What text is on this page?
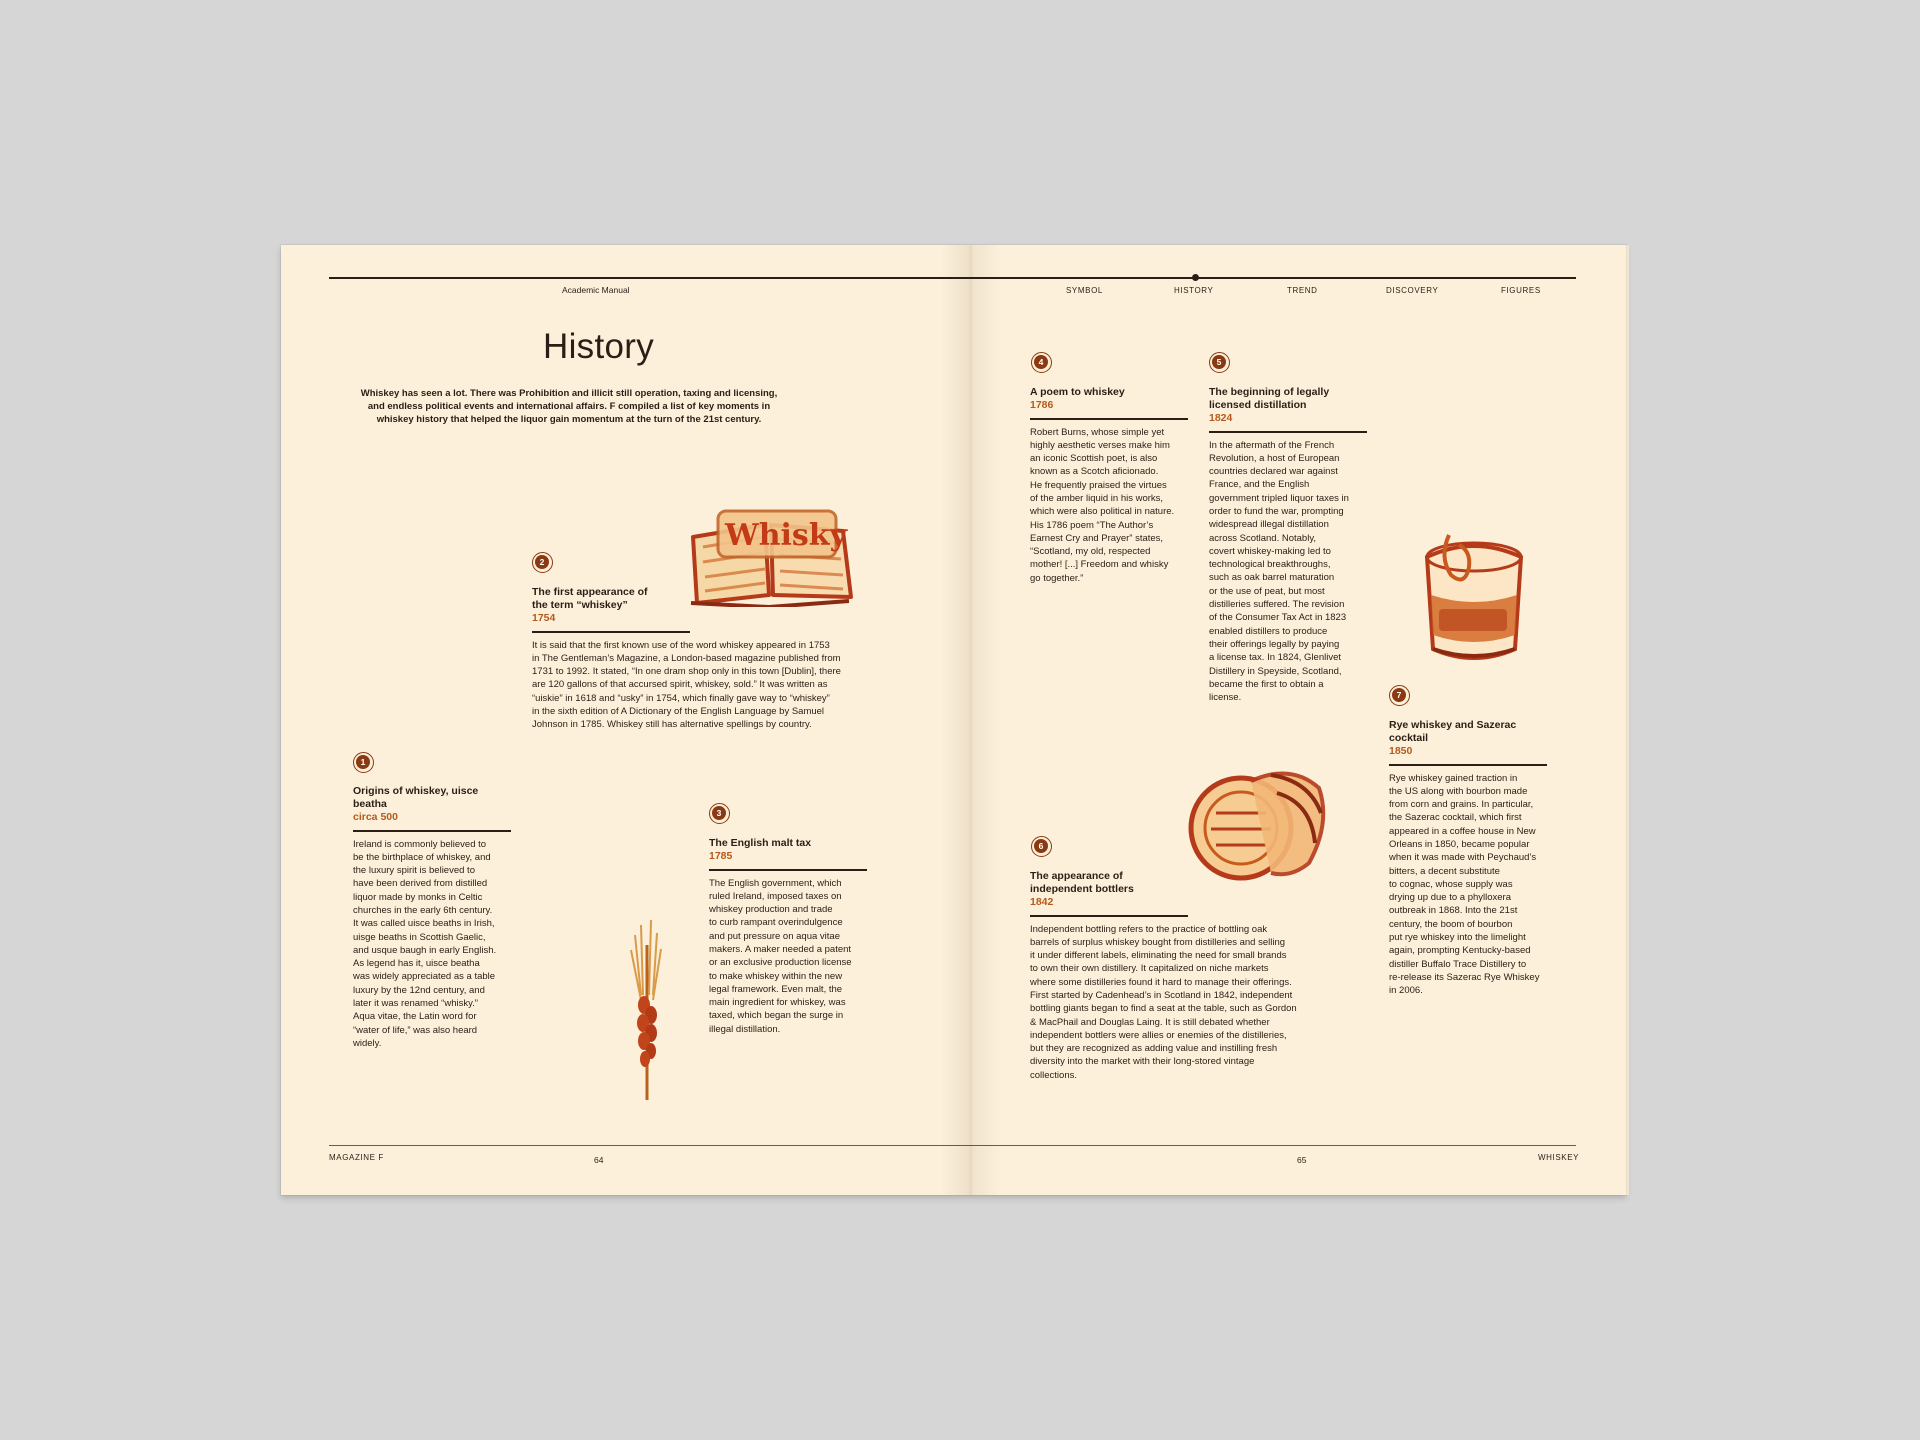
Academic Manual	SYMBOL	HISTORY	TREND	DISCOVERY	FIGURES
History
Whiskey has seen a lot. There was Prohibition and illicit still operation, taxing and licensing,
and endless political events and international affairs. F compiled a list of key moments in
whiskey history that helped the liquor gain momentum at the turn of the 21st century.
1
Origins of whiskey, uisce
beatha
circa 500
Ireland is commonly believed to
be the birthplace of whiskey, and
the luxury spirit is believed to
have been derived from distilled
liquor made by monks in Celtic
churches in the early 6th century.
It was called uisce beaths in Irish,
uisge beaths in Scottish Gaelic,
and usque baugh in early English.
As legend has it, uisce beatha
was widely appreciated as a table
luxury by the 12nd century, and
later it was renamed “whisky.”
Aqua vitae, the Latin word for
“water of life,” was also heard
widely.
2
The first appearance of
the term “whiskey”
1754
It is said that the first known use of the word whiskey appeared in 1753
in The Gentleman’s Magazine, a London-based magazine published from
1731 to 1992. It stated, “In one dram shop only in this town [Dublin], there
are 120 gallons of that accursed spirit, whiskey, sold.” It was written as
“uiskie” in 1618 and “usky” in 1754, which finally gave way to “whiskey”
in the sixth edition of A Dictionary of the English Language by Samuel
Johnson in 1785. Whiskey still has alternative spellings by country.
3
The English malt tax
1785
The English government, which
ruled Ireland, imposed taxes on
whiskey production and trade
to curb rampant overindulgence
and put pressure on aqua vitae
makers. A maker needed a patent
or an exclusive production license
to make whiskey within the new
legal framework. Even malt, the
main ingredient for whiskey, was
taxed, which began the surge in
illegal distillation.
4
A poem to whiskey
1786
Robert Burns, whose simple yet
highly aesthetic verses make him
an iconic Scottish poet, is also
known as a Scotch aficionado.
He frequently praised the virtues
of the amber liquid in his works,
which were also political in nature.
His 1786 poem “The Author’s
Earnest Cry and Prayer” states,
“Scotland, my old, respected
mother! [...] Freedom and whisky
go together.”
5
The beginning of legally
licensed distillation
1824
In the aftermath of the French
Revolution, a host of European
countries declared war against
France, and the English
government tripled liquor taxes in
order to fund the war, prompting
widespread illegal distillation
across Scotland. Notably,
covert whiskey-making led to
technological breakthroughs,
such as oak barrel maturation
or the use of peat, but most
distilleries suffered. The revision
of the Consumer Tax Act in 1823
enabled distillers to produce
their offerings legally by paying
a license tax. In 1824, Glenlivet
Distillery in Speyside, Scotland,
became the first to obtain a
license.
6
The appearance of
independent bottlers
1842
Independent bottling refers to the practice of bottling oak
barrels of surplus whiskey bought from distilleries and selling
it under different labels, eliminating the need for small brands
to own their own distillery. It capitalized on niche markets
where some distilleries found it hard to manage their offerings.
First started by Cadenhead’s in Scotland in 1842, independent
bottling giants began to find a seat at the table, such as Gordon
& MacPhail and Douglas Laing. It is still debated whether
independent bottlers were allies or enemies of the distilleries,
but they are recognized as adding value and instilling fresh
diversity into the market with their long-stored vintage
collections.
7
Rye whiskey and Sazerac
cocktail
1850
Rye whiskey gained traction in
the US along with bourbon made
from corn and grains. In particular,
the Sazerac cocktail, which first
appeared in a coffee house in New
Orleans in 1850, became popular
when it was made with Peychaud’s
bitters, a decent substitute
to cognac, whose supply was
drying up due to a phylloxera
outbreak in 1868. Into the 21st
century, the boom of bourbon
put rye whiskey into the limelight
again, prompting Kentucky-based
distiller Buffalo Trace Distillery to
re-release its Sazerac Rye Whiskey
in 2006.
Whisky
MAGAZINE F	64	65	WHISKEY
